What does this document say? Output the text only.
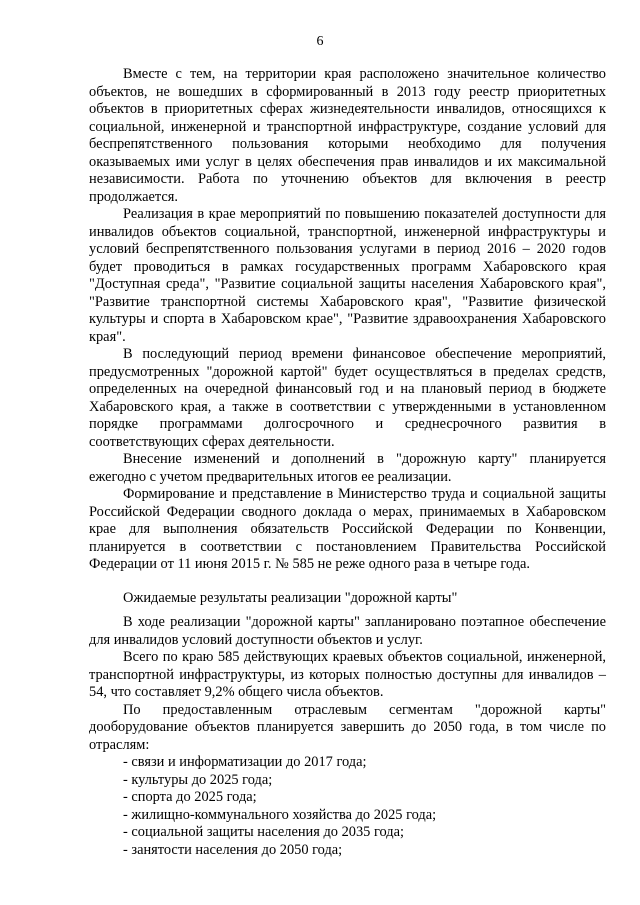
6

Вместе с тем, на территории края расположено значительное количество объектов, не вошедших в сформированный в 2013 году реестр приоритетных объектов в приоритетных сферах жизнедеятельности инвалидов, относящихся к социальной, инженерной и транспортной инфраструктуре, создание условий для беспрепятственного пользования которыми необходимо для получения оказываемых ими услуг в целях обеспечения прав инвалидов и их максимальной независимости. Работа по уточнению объектов для включения в реестр продолжается.

Реализация в крае мероприятий по повышению показателей доступности для инвалидов объектов социальной, транспортной, инженерной инфраструктуры и условий беспрепятственного пользования услугами в период 2016 – 2020 годов будет проводиться в рамках государственных программ Хабаровского края "Доступная среда", "Развитие социальной защиты населения Хабаровского края", "Развитие транспортной системы Хабаровского края", "Развитие физической культуры и спорта в Хабаровском крае", "Развитие здравоохранения Хабаровского края".

В последующий период времени финансовое обеспечение мероприятий, предусмотренных "дорожной картой" будет осуществляться в пределах средств, определенных на очередной финансовый год и на плановый период в бюджете Хабаровского края, а также в соответствии с утвержденными в установленном порядке программами долгосрочного и среднесрочного развития в соответствующих сферах деятельности.

Внесение изменений и дополнений в "дорожную карту" планируется ежегодно с учетом предварительных итогов ее реализации.

Формирование и представление в Министерство труда и социальной защиты Российской Федерации сводного доклада о мерах, принимаемых в Хабаровском крае для выполнения обязательств Российской Федерации по Конвенции, планируется в соответствии с постановлением Правительства Российской Федерации от 11 июня 2015 г. № 585 не реже одного раза в четыре года.

Ожидаемые результаты реализации "дорожной карты"

В ходе реализации "дорожной карты" запланировано поэтапное обеспечение для инвалидов условий доступности объектов и услуг.

Всего по краю 585 действующих краевых объектов социальной, инженерной, транспортной инфраструктуры, из которых полностью доступны для инвалидов – 54, что составляет 9,2% общего числа объектов.

По предоставленным отраслевым сегментам "дорожной карты" дооборудование объектов планируется завершить до 2050 года, в том числе по отраслям:

- связи и информатизации до 2017 года;
- культуры до 2025 года;
- спорта до 2025 года;
- жилищно-коммунального хозяйства до 2025 года;
- социальной защиты населения до 2035 года;
- занятости населения до 2050 года;
